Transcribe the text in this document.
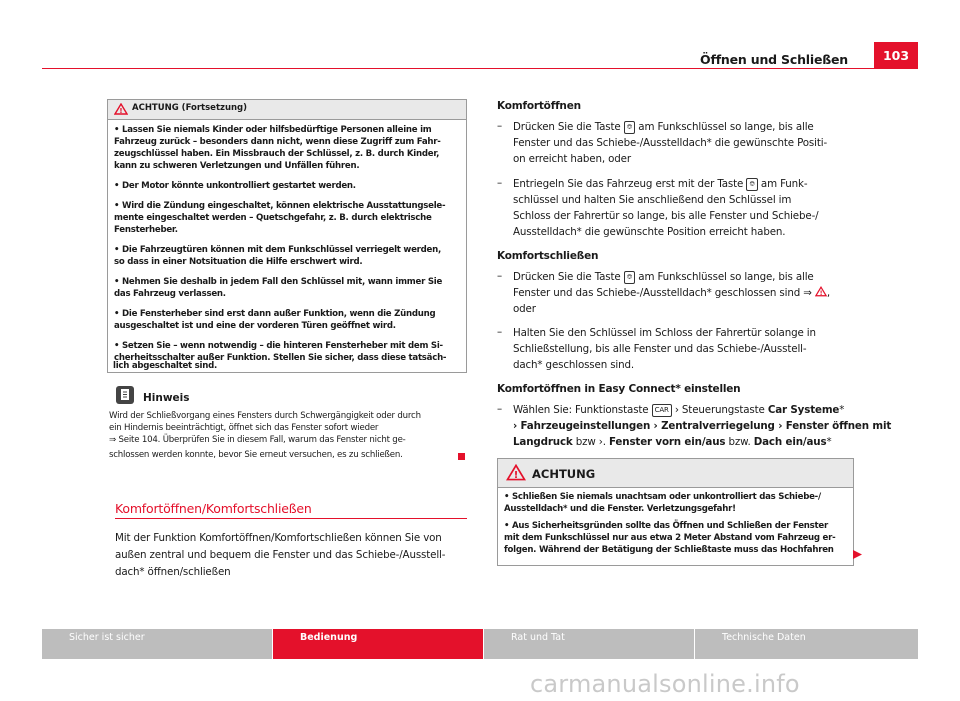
Öffnen und Schließen	103
! ACHTUNG (Fortsetzung)
• Lassen Sie niemals Kinder oder hilfsbedürftige Personen alleine im
Fahrzeug zurück – besonders dann nicht, wenn diese Zugriff zum Fahr-
zeugschlüssel haben. Ein Missbrauch der Schlüssel, z. B. durch Kinder,
kann zu schweren Verletzungen und Unfällen führen.
• Der Motor könnte unkontrolliert gestartet werden.
• Wird die Zündung eingeschaltet, können elektrische Ausstattungsele-
mente eingeschaltet werden – Quetschgefahr, z. B. durch elektrische
Fensterheber.
• Die Fahrzeugtüren können mit dem Funkschlüssel verriegelt werden,
so dass in einer Notsituation die Hilfe erschwert wird.
• Nehmen Sie deshalb in jedem Fall den Schlüssel mit, wann immer Sie
das Fahrzeug verlassen.
• Die Fensterheber sind erst dann außer Funktion, wenn die Zündung
ausgeschaltet ist und eine der vorderen Türen geöffnet wird.
• Setzen Sie – wenn notwendig – die hinteren Fensterheber mit dem Si-
cherheitsschalter außer Funktion. Stellen Sie sicher, dass diese tatsäch-
lich abgeschaltet sind.
Hinweis
Wird der Schließvorgang eines Fensters durch Schwergängigkeit oder durch
ein Hindernis beeinträchtigt, öffnet sich das Fenster sofort wieder
⇒ Seite 104. Überprüfen Sie in diesem Fall, warum das Fenster nicht ge-
schlossen werden konnte, bevor Sie erneut versuchen, es zu schließen.
Komfortöffnen/Komfortschließen
Mit der Funktion Komfortöffnen/Komfortschließen können Sie von
außen zentral und bequem die Fenster und das Schiebe-/Ausstell-
dach* öffnen/schließen
Komfortöffnen
– Drücken Sie die Taste ⎊ am Funkschlüssel so lange, bis alle
Fenster und das Schiebe-/Ausstelldach* die gewünschte Positi-
on erreicht haben, oder
– Entriegeln Sie das Fahrzeug erst mit der Taste ⎊ am Funk-
schlüssel und halten Sie anschließend den Schlüssel im
Schloss der Fahrertür so lange, bis alle Fenster und Schiebe-/
Ausstelldach* die gewünschte Position erreicht haben.
Komfortschließen
– Drücken Sie die Taste ⎊ am Funkschlüssel so lange, bis alle
Fenster und das Schiebe-/Ausstelldach* geschlossen sind ⇒ ! ,
oder
– Halten Sie den Schlüssel im Schloss der Fahrertür solange in
Schließstellung, bis alle Fenster und das Schiebe-/Ausstell-
dach* geschlossen sind.
Komfortöffnen in Easy Connect* einstellen
– Wählen Sie: Funktionstaste CAR › Steuerungstaste Car Systeme*
› Fahrzeugeinstellungen › Zentralverriegelung › Fenster öffnen mit
Langdruck bzw ›. Fenster vorn ein/aus bzw. Dach ein/aus*
! ACHTUNG
• Schließen Sie niemals unachtsam oder unkontrolliert das Schiebe-/
Ausstelldach* und die Fenster. Verletzungsgefahr!
• Aus Sicherheitsgründen sollte das Öffnen und Schließen der Fenster
mit dem Funkschlüssel nur aus etwa 2 Meter Abstand vom Fahrzeug er-
folgen. Während der Betätigung der Schließtaste muss das Hochfahren
Sicher ist sicher	Bedienung	Rat und Tat	Technische Daten
carmanualsonline.info
